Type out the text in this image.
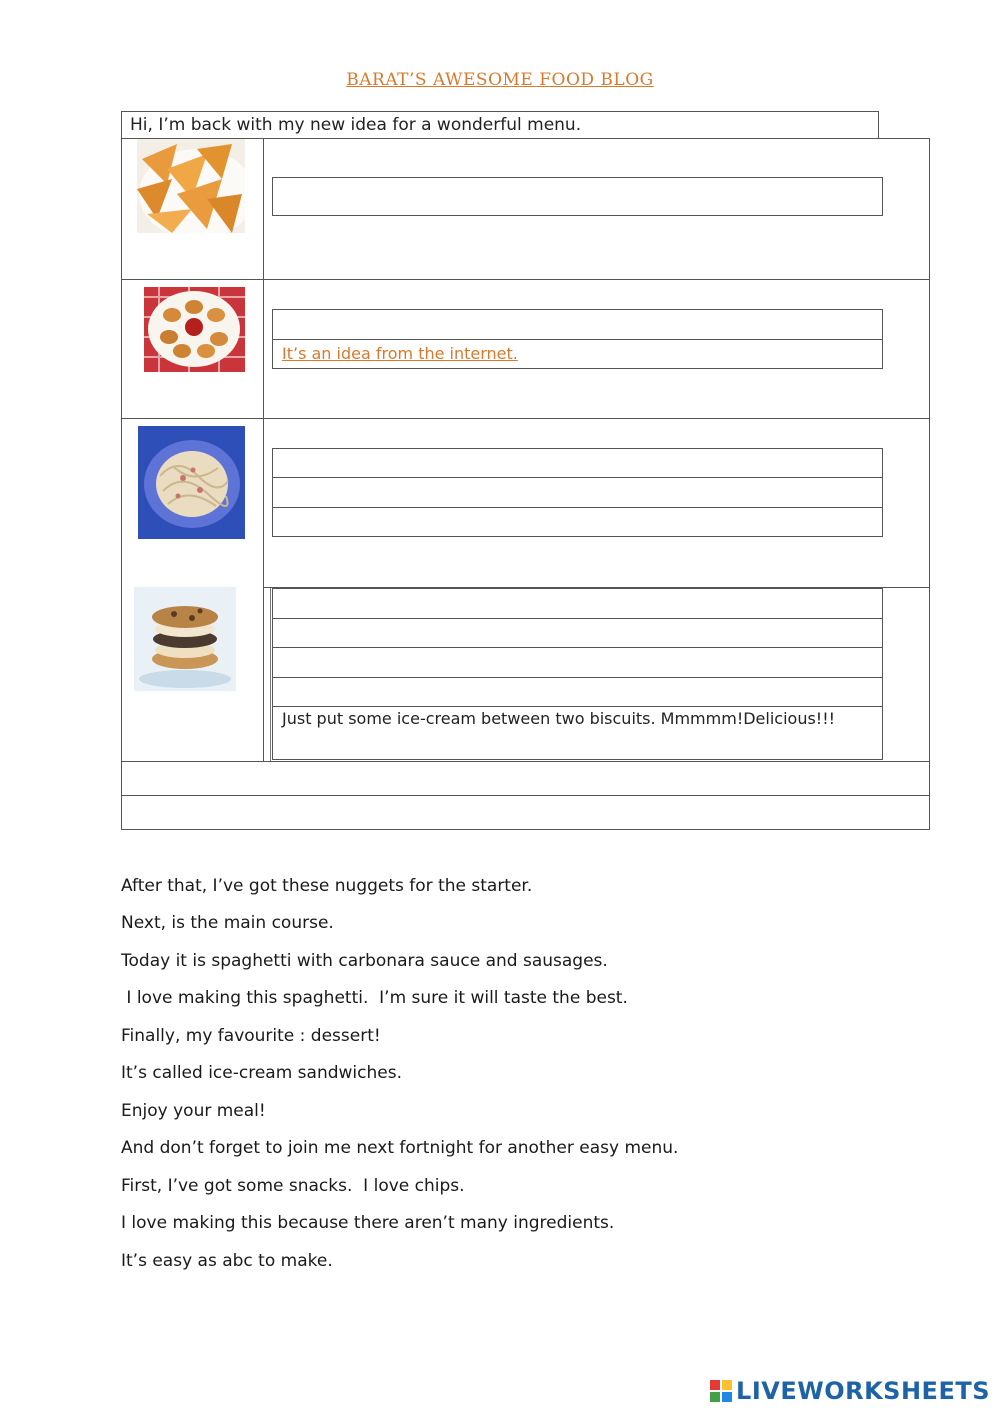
BARAT’S AWESOME FOOD BLOG
Hi, I’m back with my new idea for a wonderful menu.
It’s an idea from the internet.
Just put some ice-cream between two biscuits. Mmmmm!Delicious!!!
After that, I’ve got these nuggets for the starter.
Next, is the main course.
Today it is spaghetti with carbonara sauce and sausages.
I love making this spaghetti.  I’m sure it will taste the best.
Finally, my favourite : dessert!
It’s called ice-cream sandwiches.
Enjoy your meal!
And don’t forget to join me next fortnight for another easy menu.
First, I’ve got some snacks.  I love chips.
I love making this because there aren’t many ingredients.
It’s easy as abc to make.
LIVEWORKSHEETS
